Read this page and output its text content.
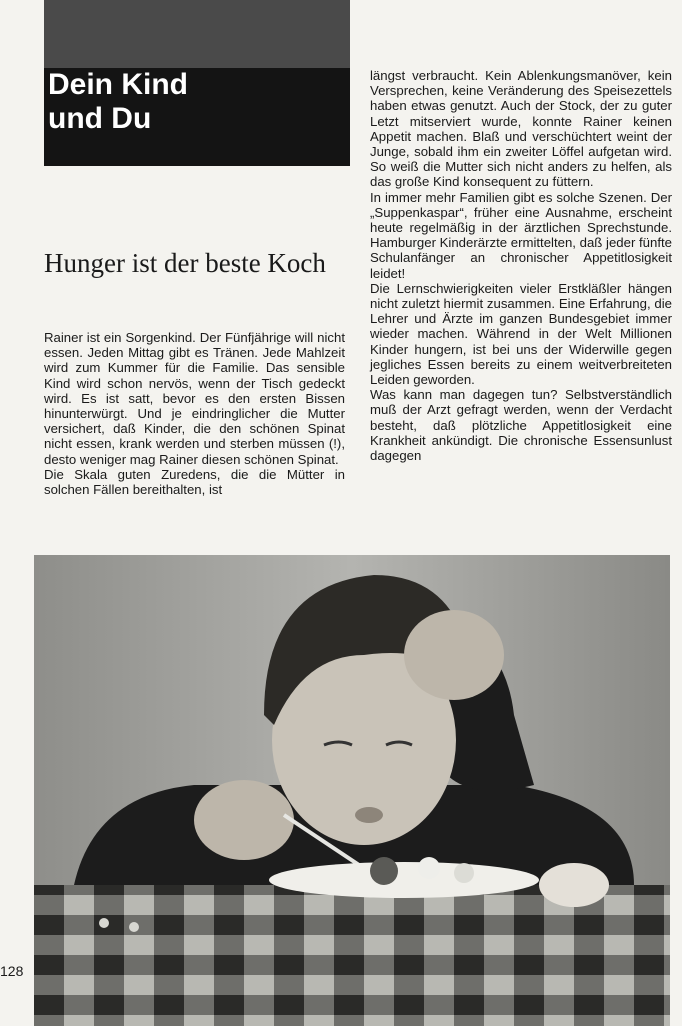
Dein Kind
und Du
Hunger ist der beste Koch

Rainer ist ein Sorgenkind. Der Fünfjährige will nicht essen. Jeden Mittag gibt es Tränen. Jede Mahlzeit wird zum Kummer für die Familie. Das sensible Kind wird schon nervös, wenn der Tisch gedeckt wird. Es ist satt, bevor es den ersten Bissen hinunterwürgt. Und je eindringlicher die Mutter versichert, daß Kinder, die den schönen Spinat nicht essen, krank werden und sterben müssen (!), desto weniger mag Rainer diesen schönen Spinat.

Die Skala guten Zuredens, die die Mütter in solchen Fällen bereithalten, ist

längst verbraucht. Kein Ablenkungsmanöver, kein Versprechen, keine Veränderung des Speisezettels haben etwas genutzt. Auch der Stock, der zu guter Letzt mitserviert wurde, konnte Rainer keinen Appetit machen. Blaß und verschüchtert weint der Junge, sobald ihm ein zweiter Löffel aufgetan wird. So weiß die Mutter sich nicht anders zu helfen, als das große Kind konsequent zu füttern.

In immer mehr Familien gibt es solche Szenen. Der „Suppenkaspar“, früher eine Ausnahme, erscheint heute regelmäßig in der ärztlichen Sprechstunde. Hamburger Kinderärzte ermittelten, daß jeder fünfte Schulanfänger an chronischer Appetitlosigkeit leidet!

Die Lernschwierigkeiten vieler Erstkläßler hängen nicht zuletzt hiermit zusammen. Eine Erfahrung, die Lehrer und Ärzte im ganzen Bundesgebiet immer wieder machen. Während in der Welt Millionen Kinder hungern, ist bei uns der Widerwille gegen jegliches Essen bereits zu einem weitverbreiteten Leiden geworden.

Was kann man dagegen tun? Selbstverständlich muß der Arzt gefragt werden, wenn der Verdacht besteht, daß plötzliche Appetitlosigkeit eine Krankheit ankündigt. Die chronische Essensunlust dagegen

128
